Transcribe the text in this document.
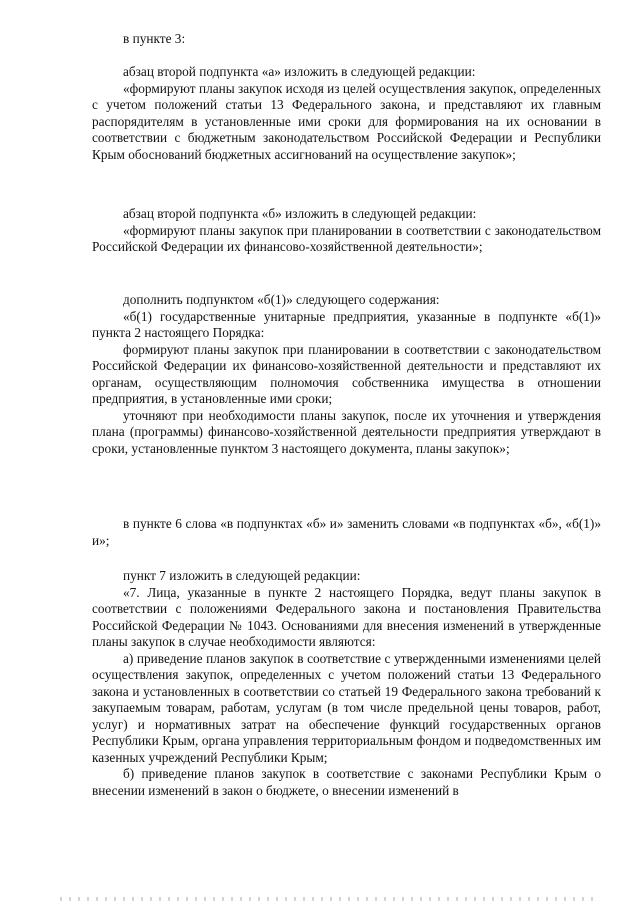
в пункте 3:

абзац второй подпункта «а» изложить в следующей редакции:

«формируют планы закупок исходя из целей осуществления закупок, определенных с учетом положений статьи 13 Федерального закона, и представляют их главным распорядителям в установленные ими сроки для формирования на их основании в соответствии с бюджетным законодательством Российской Федерации и Республики Крым обоснований бюджетных ассигнований на осуществление закупок»;

абзац второй подпункта «б» изложить в следующей редакции:

«формируют планы закупок при планировании в соответствии с законодательством Российской Федерации их финансово-хозяйственной деятельности»;

дополнить подпунктом «б(1)» следующего содержания:

«б(1) государственные унитарные предприятия, указанные в подпункте «б(1)» пункта 2 настоящего Порядка:

формируют планы закупок при планировании в соответствии с законодательством Российской Федерации их финансово-хозяйственной деятельности и представляют их органам, осуществляющим полномочия собственника имущества в отношении предприятия, в установленные ими сроки;

уточняют при необходимости планы закупок, после их уточнения и утверждения плана (программы) финансово-хозяйственной деятельности предприятия утверждают в сроки, установленные пунктом 3 настоящего документа, планы закупок»;

в пункте 6 слова «в подпунктах «б» и» заменить словами «в подпунктах «б», «б(1)» и»;

пункт 7 изложить в следующей редакции:

«7. Лица, указанные в пункте 2 настоящего Порядка, ведут планы закупок в соответствии с положениями Федерального закона и постановления Правительства Российской Федерации № 1043. Основаниями для внесения изменений в утвержденные планы закупок в случае необходимости являются:

а) приведение планов закупок в соответствие с утвержденными изменениями целей осуществления закупок, определенных с учетом положений статьи 13 Федерального закона и установленных в соответствии со статьей 19 Федерального закона требований к закупаемым товарам, работам, услугам (в том числе предельной цены товаров, работ, услуг) и нормативных затрат на обеспечение функций государственных органов Республики Крым, органа управления территориальным фондом и подведомственных им казенных учреждений Республики Крым;

б) приведение планов закупок в соответствие с законами Республики Крым о внесении изменений в закон о бюджете, о внесении изменений в
